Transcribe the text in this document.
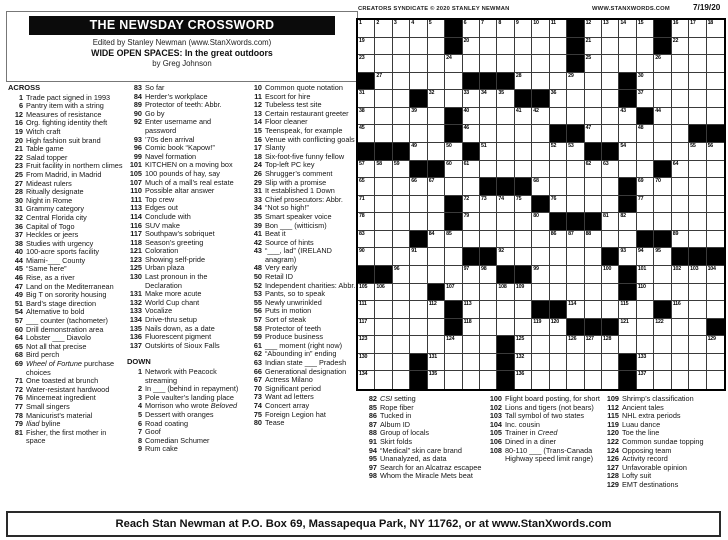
THE NEWSDAY CROSSWORD
Edited by Stanley Newman (www.StanXwords.com)
WIDE OPEN SPACES: In the great outdoors
by Greg Johnson
CREATORS SYNDICATE © 2020 STANLEY NEWMAN	WWW.STANXWORDS.COM	7/19/20
1	2	3	4	5	6	7	8	9	10 11	12 13 14 15	16 17 18
19	20	21	22
23	24	25	26
27	28	29	30
31	32	33 34 35	36	37
38	39	40	41 42	43	44
45	46	47	48
49	50	51	52 53	54	55 56
57 58 59	60 61	62 63	64
65	66 67	68	69 70
71	72 73 74 75	76	77
78	79	80	81 82
83	84 85	86 87 88	89
90	91	92	93 94 95
96	97 98	99	100	101	102 103 104
105 106	107	108 109	110
111	112	113	114	115	116
117	118	119 120	121	122
123	124	125	126 127 128	129
130	131	132	133
134	135	136	137
ACROSS
1 Trade pact signed in 1993
6 Pantry item with a string
12 Measures of resistance
16 Org. fighting identity theft
19 Witch craft
20 High fashion suit brand
21 Table game
22 Salad topper
23 Fruit facility in northern climes
25 From Madrid, in Madrid
27 Mideast rulers
28 Ritually designate
30 Night in Rome
31 Grammy category
32 Central Florida city
36 Capital of Togo
37 Heckles or jeers
38 Studies with urgency
40 100-acre sports facility
44 Miami-___ County
45 “Same here”
46 Rise, as a river
47 Land on the Mediterranean
49 Big T on sorority housing
51 Bard’s stage direction
54 Alternative to bold
57 ___ counter (tachometer)
60 Drill demonstration area
64 Lobster ___ Diavolo
65 Not all that precise
68 Bird perch
69 Wheel of Fortune purchase choices
71 One toasted at brunch
72 Water-resistant hardwood
76 Mincemeat ingredient
77 Small singers
78 Manicurist’s material
79 Iliad byline
81 Fisher, the first mother in space
83 So far
84 Herder’s workplace
89 Protector of teeth: Abbr.
90 Go by
92 Enter username and password
93 ’70s den arrival
96 Comic book “Kapow!”
99 Navel formation
101 KITCHEN on a moving box
105 100 pounds of hay, say
107 Much of a mall’s real estate
110 Possible altar answer
111 Top crew
113 Edges out
114 Conclude with
116 SUV make
117 Southpaw’s sobriquet
118 Season’s greeting
121 Coloration
123 Showing self-pride
125 Urban plaza
130 Last pronoun in the Declaration
131 Make more acute
132 World Cup chant
133 Vocalize
134 Drive-thru setup
135 Nails down, as a date
136 Fluorescent pigment
137 Outskirts of Sioux Falls
DOWN
1 Network with Peacock streaming
2 In ___ (behind in repayment)
3 Pole vaulter’s landing place
4 Morrison who wrote Beloved
5 Dessert with oranges
6 Road coating
7 Goof
8 Comedian Schumer
9 Rum cake
10 Common quote notation
11 Escort for hire
12 Tubeless test site
13 Certain restaurant greeter
14 Floor cleaner
15 Teenspeak, for example
16 Venue with conflicting goals
17 Slanty
18 Six-foot-five funny fellow
24 Top-left PC key
26 Shrugger’s comment
29 Slip with a promise
31 It established 1 Down
33 Chief prosecutors: Abbr.
34 “Not so high!”
35 Smart speaker voice
39 Bon ___ (witticism)
41 Beat it
42 Source of hints
43 “___, lad” (IRELAND anagram)
48 Very early
50 Retail ID
52 Independent charities: Abbr.
53 Pants, so to speak
55 Newly unwrinkled
56 Puts in motion
57 Sort of steak
58 Protector of teeth
59 Produce business
61 ___ moment (right now)
62 “Abounding in” ending
63 Indian state ___ Pradesh
66 Generational designation
67 Actress Milano
70 Significant period
73 Want ad letters
74 Concert array
75 Foreign Legion hat
80 Tease
82 CSI setting
85 Rope fiber
86 Tucked in
87 Album ID
88 Group of locals
91 Skirt folds
94 “Medical” skin care brand
95 Unanalyzed, as data
97 Search for an Alcatraz escapee
98 Whom the Miracle Mets beat
100 Flight board posting, for short
102 Lions and tigers (not bears)
103 Tall symbol of two states
104 Inc. cousin
105 Trainer in Creed
106 Dined in a diner
108 80-110 ___ (Trans-Canada Highway speed limit range)
109 Shrimp’s classification
112 Ancient tales
115 NHL extra periods
119 Luau dance
120 Toe the line
122 Common sundae topping
124 Opposing team
126 Activity record
127 Unfavorable opinion
128 Lofty suit
129 EMT destinations
Reach Stan Newman at P.O. Box 69, Massapequa Park, NY 11762, or at www.StanXwords.com
